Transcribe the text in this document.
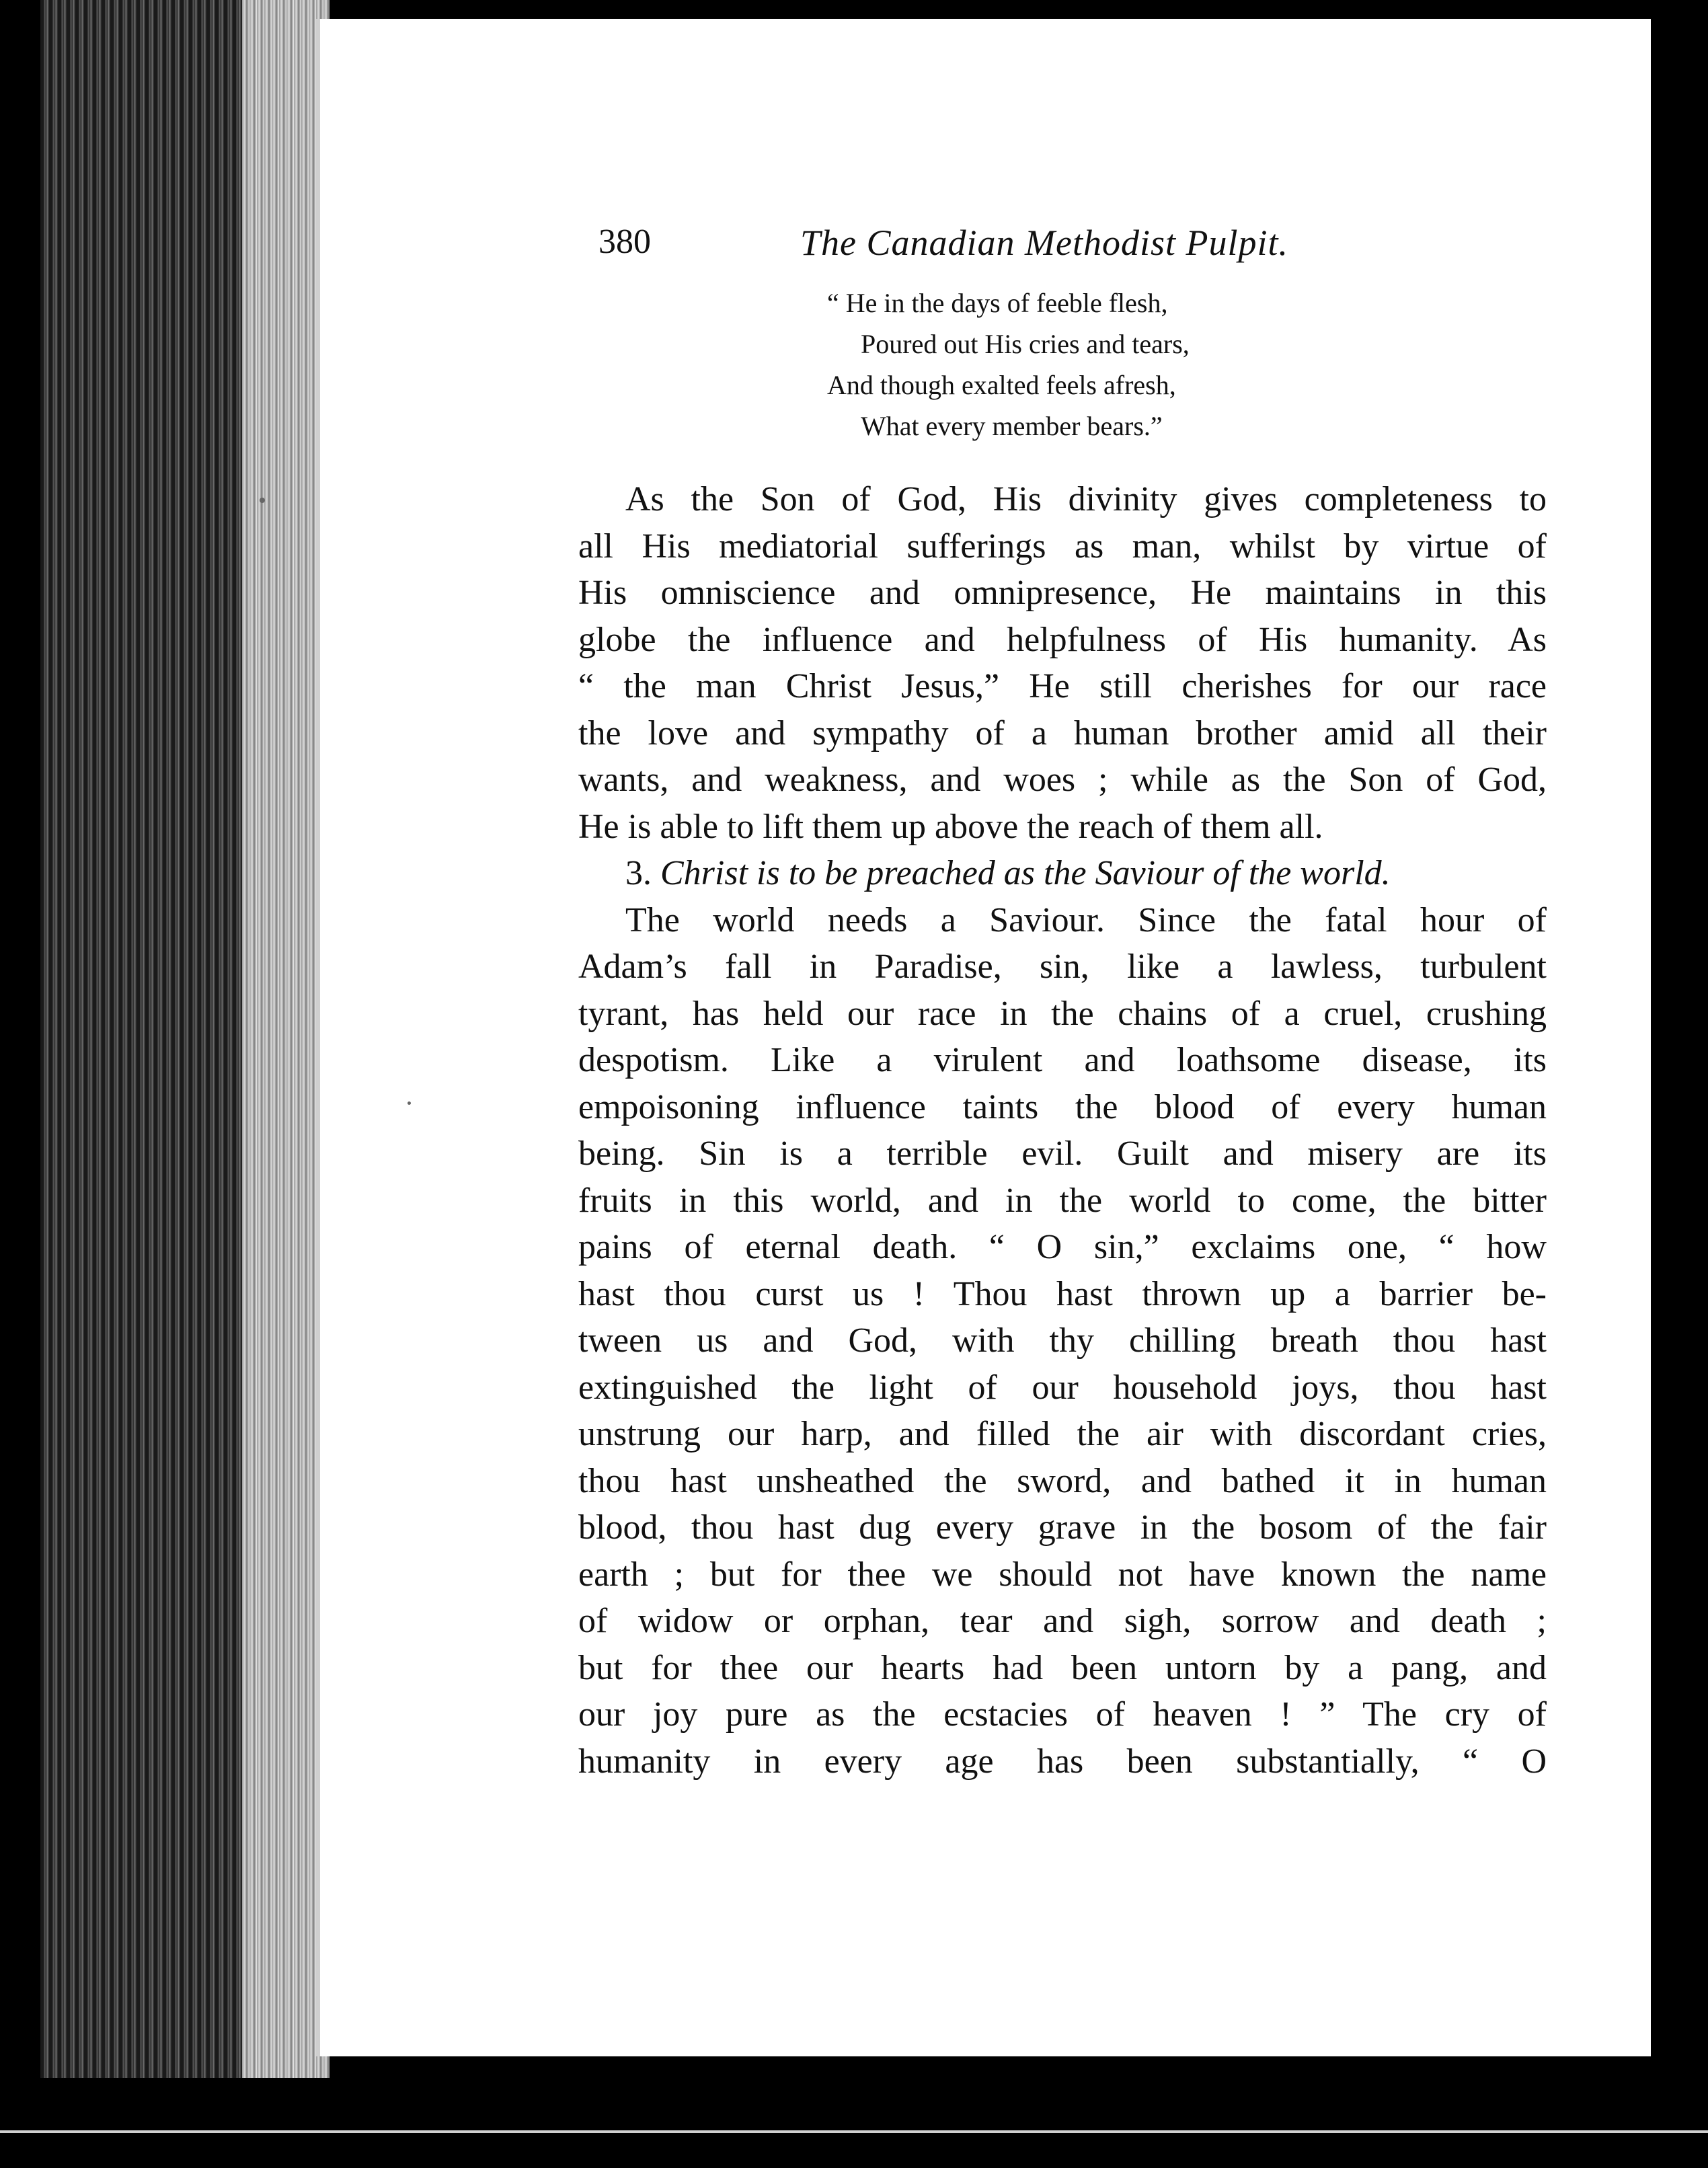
380	The Canadian Methodist Pulpit.
“ He in the days of feeble flesh,
Poured out His cries and tears,
And though exalted feels afresh,
What every member bears.”
As the Son of God, His divinity gives completeness to
all His mediatorial sufferings as man, whilst by virtue of
His omniscience and omnipresence, He maintains in this
globe the influence and helpfulness of His humanity. As
“ the man Christ Jesus,” He still cherishes for our race
the love and sympathy of a human brother amid all their
wants, and weakness, and woes ; while as the Son of God,
He is able to lift them up above the reach of them all.
3. Christ is to be preached as the Saviour of the world.
The world needs a Saviour. Since the fatal hour of
Adam’s fall in Paradise, sin, like a lawless, turbulent
tyrant, has held our race in the chains of a cruel, crushing
despotism. Like a virulent and loathsome disease, its
empoisoning influence taints the blood of every human
being. Sin is a terrible evil. Guilt and misery are its
fruits in this world, and in the world to come, the bitter
pains of eternal death. “ O sin,” exclaims one, “ how
hast thou curst us ! Thou hast thrown up a barrier be-
tween us and God, with thy chilling breath thou hast
extinguished the light of our household joys, thou hast
unstrung our harp, and filled the air with discordant cries,
thou hast unsheathed the sword, and bathed it in human
blood, thou hast dug every grave in the bosom of the fair
earth ; but for thee we should not have known the name
of widow or orphan, tear and sigh, sorrow and death ;
but for thee our hearts had been untorn by a pang, and
our joy pure as the ecstacies of heaven ! ” The cry of
humanity in every age has been substantially, “ O
